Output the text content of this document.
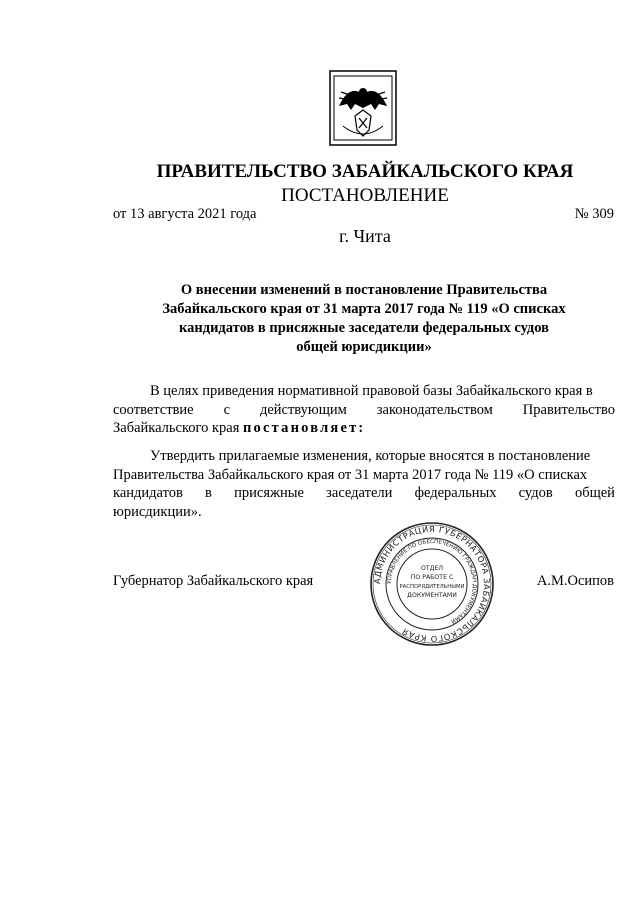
ПРАВИТЕЛЬСТВО ЗАБАЙКАЛЬСКОГО КРАЯ
ПОСТАНОВЛЕНИЕ
от 13 августа 2021 года	№ 309
г. Чита
О внесении изменений в постановление Правительства
Забайкальского края от 31 марта 2017 года № 119 «О списках
кандидатов в присяжные заседатели федеральных судов
общей юрисдикции»
В целях приведения нормативной правовой базы Забайкальского края в
соответствие с действующим законодательством Правительство
Забайкальского края постановляет:
Утвердить прилагаемые изменения, которые вносятся в постановление
Правительства Забайкальского края от 31 марта 2017 года № 119 «О списках
кандидатов в присяжные заседатели федеральных судов общей
юрисдикции».
Губернатор Забайкальского края	А.М.Осипов
АДМИНИСТРАЦИЯ ГУБЕРНАТОРА ЗАБАЙКАЛЬСКОГО КРАЯ
УПРАВЛЕНИЕ ПО ОБЕСПЕЧЕНИЮ ГРАЖДАН ДОКУМЕНТАМИ
ОТДЕЛ
ПО РАБОТЕ С
РАСПОРЯДИТЕЛЬНЫМИ
ДОКУМЕНТАМИ
